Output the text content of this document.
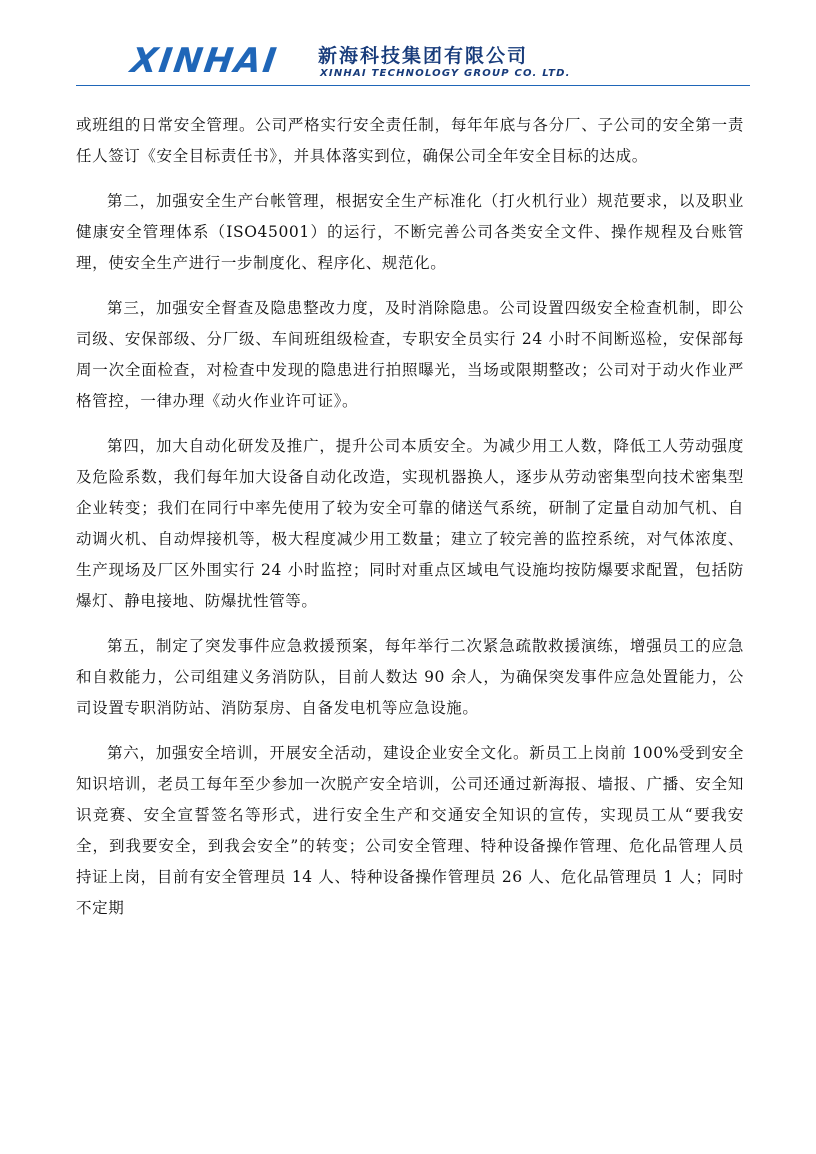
XINHAI 新海科技集团有限公司
XINHAI TECHNOLOGY GROUP CO. LTD.

或班组的日常安全管理。公司严格实行安全责任制，每年年底与各分厂、子公司的安全第一责任人签订《安全目标责任书》，并具体落实到位，确保公司全年安全目标的达成。

第二，加强安全生产台帐管理，根据安全生产标准化（打火机行业）规范要求，以及职业健康安全管理体系（ISO45001）的运行，不断完善公司各类安全文件、操作规程及台账管理，使安全生产进行一步制度化、程序化、规范化。

第三，加强安全督查及隐患整改力度，及时消除隐患。公司设置四级安全检查机制，即公司级、安保部级、分厂级、车间班组级检查，专职安全员实行 24 小时不间断巡检，安保部每周一次全面检查，对检查中发现的隐患进行拍照曝光，当场或限期整改；公司对于动火作业严格管控，一律办理《动火作业许可证》。

第四，加大自动化研发及推广，提升公司本质安全。为减少用工人数，降低工人劳动强度及危险系数，我们每年加大设备自动化改造，实现机器换人，逐步从劳动密集型向技术密集型企业转变；我们在同行中率先使用了较为安全可靠的储送气系统，研制了定量自动加气机、自动调火机、自动焊接机等，极大程度减少用工数量；建立了较完善的监控系统，对气体浓度、生产现场及厂区外围实行 24 小时监控；同时对重点区域电气设施均按防爆要求配置，包括防爆灯、静电接地、防爆扰性管等。

第五，制定了突发事件应急救援预案，每年举行二次紧急疏散救援演练，增强员工的应急和自救能力，公司组建义务消防队，目前人数达 90 余人，为确保突发事件应急处置能力，公司设置专职消防站、消防泵房、自备发电机等应急设施。

第六，加强安全培训，开展安全活动，建设企业安全文化。新员工上岗前 100%受到安全知识培训，老员工每年至少参加一次脱产安全培训，公司还通过新海报、墙报、广播、安全知识竞赛、安全宣誓签名等形式，进行安全生产和交通安全知识的宣传，实现员工从“要我安全，到我要安全，到我会安全”的转变；公司安全管理、特种设备操作管理、危化品管理人员持证上岗，目前有安全管理员 14 人、特种设备操作管理员 26 人、危化品管理员 1 人；同时不定期
